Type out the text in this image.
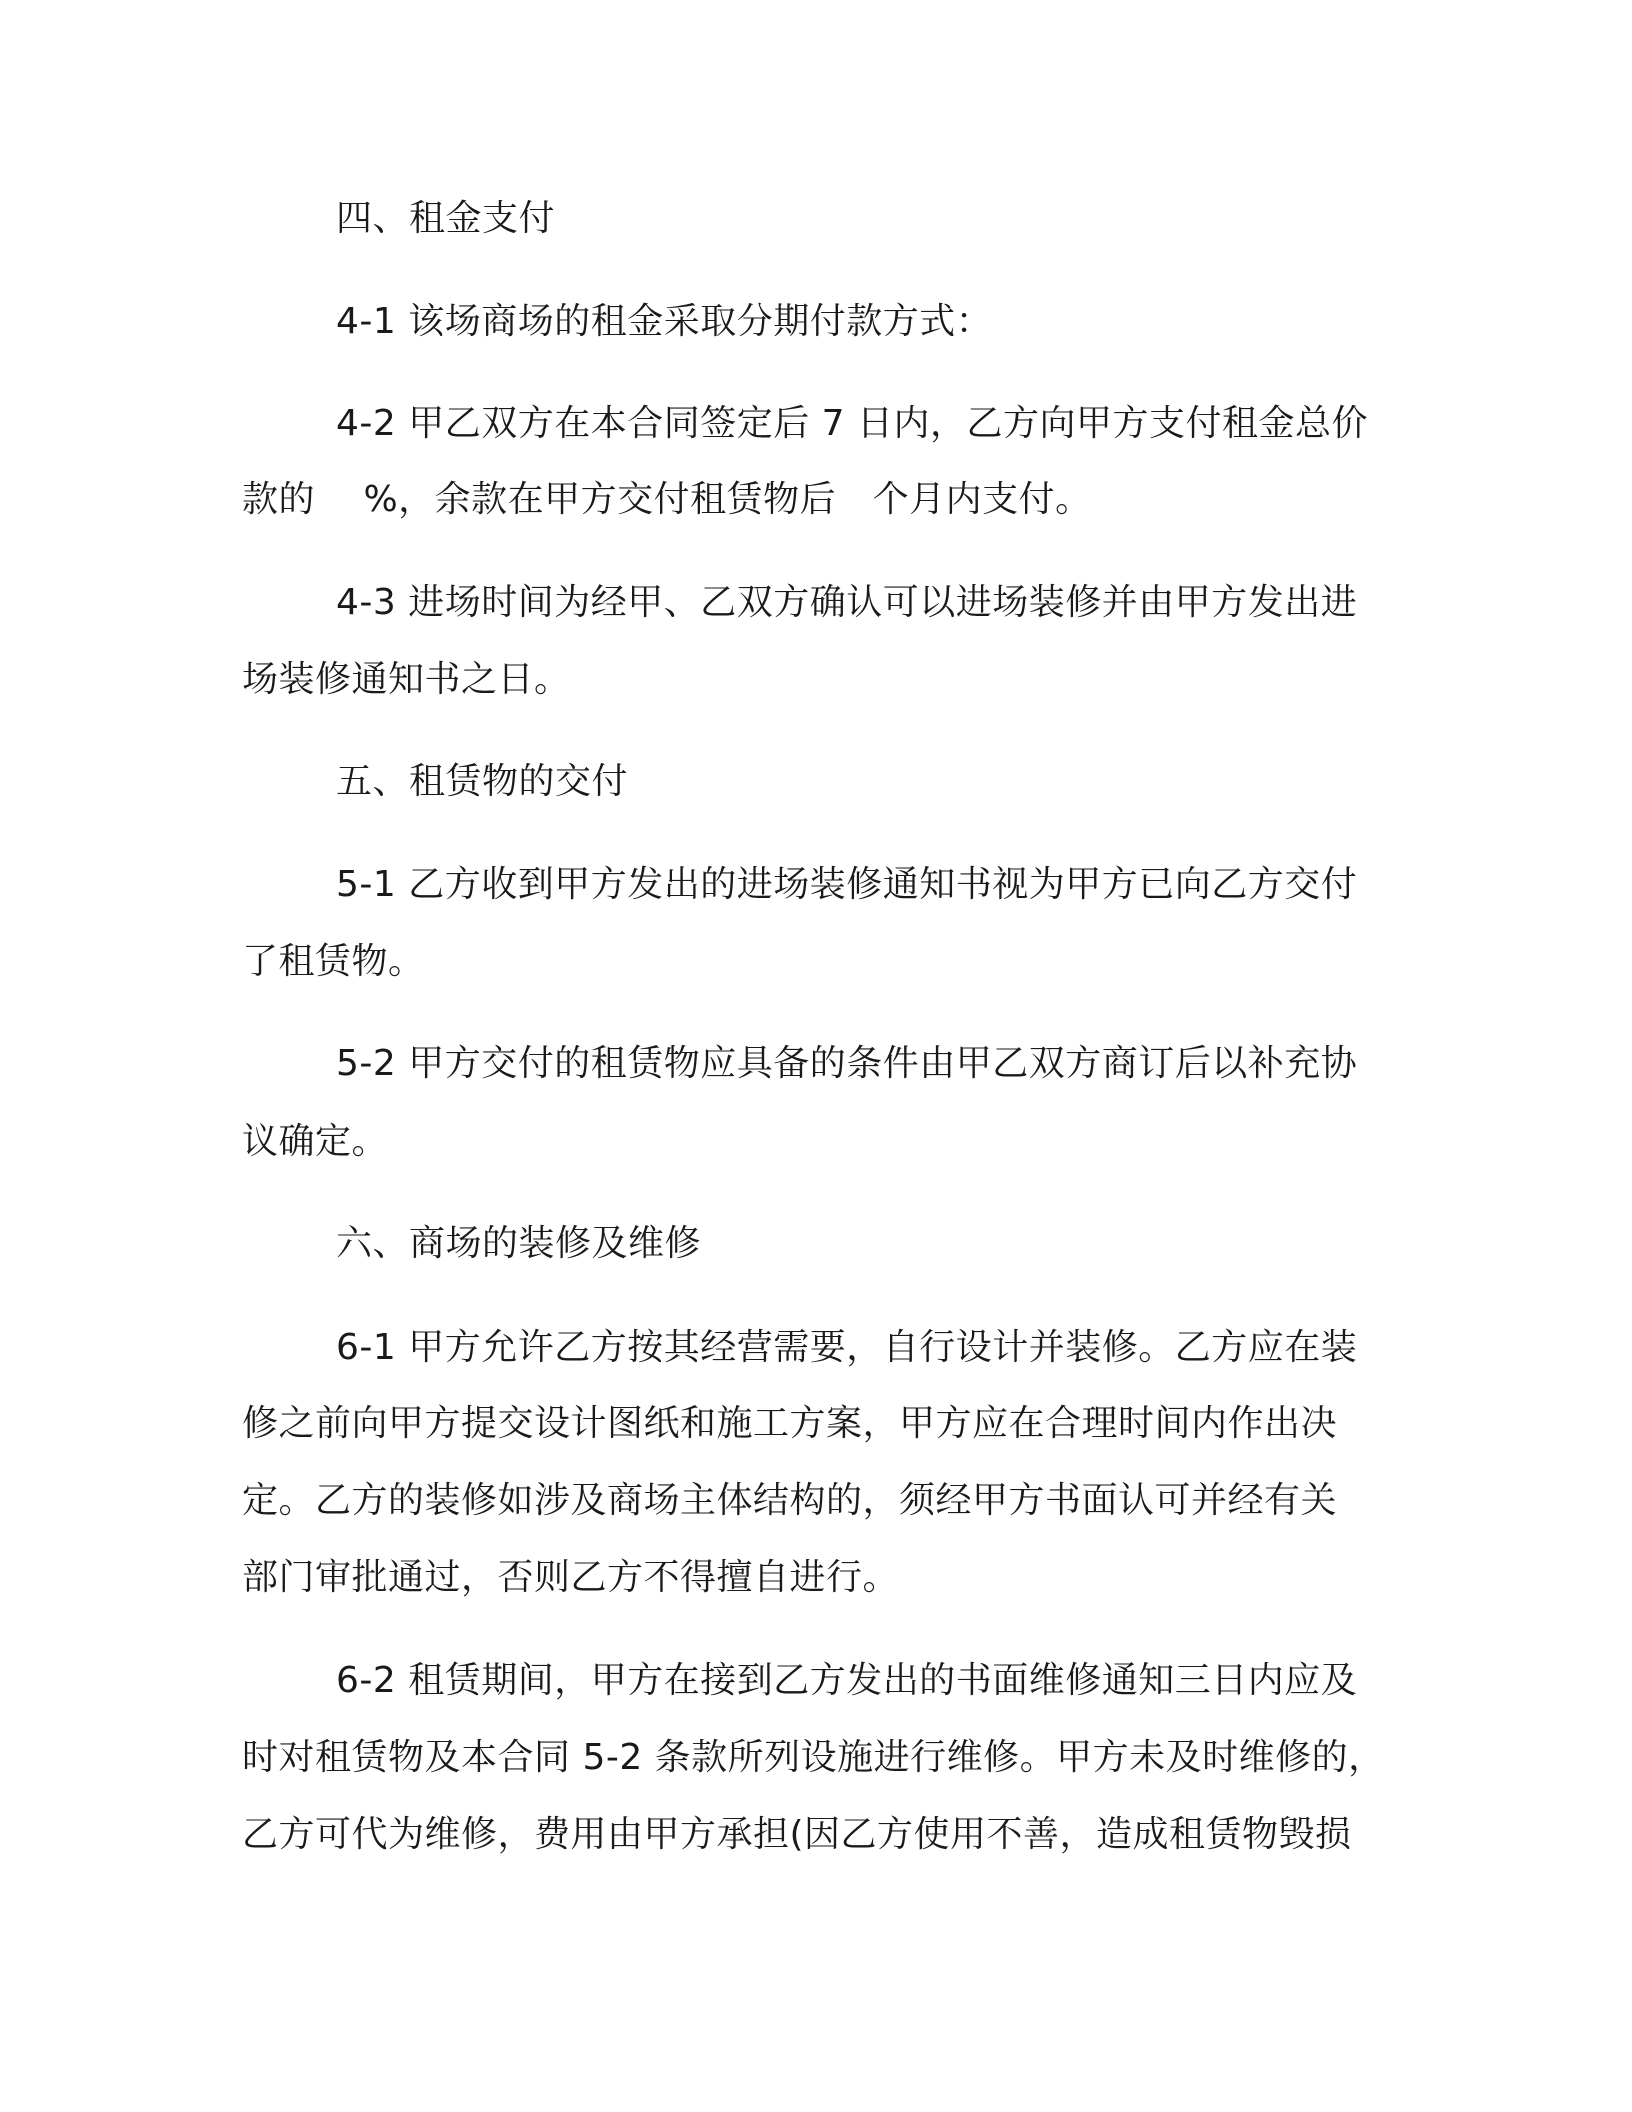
四、租金支付
4-1 该场商场的租金采取分期付款方式：
4-2 甲乙双方在本合同签定后 7 日内，乙方向甲方支付租金总价
款的　 %，余款在甲方交付租赁物后　个月内支付。
4-3 进场时间为经甲、乙双方确认可以进场装修并由甲方发出进
场装修通知书之日。
五、租赁物的交付
5-1 乙方收到甲方发出的进场装修通知书视为甲方已向乙方交付
了租赁物。
5-2 甲方交付的租赁物应具备的条件由甲乙双方商订后以补充协
议确定。
六、商场的装修及维修
6-1 甲方允许乙方按其经营需要，自行设计并装修。乙方应在装
修之前向甲方提交设计图纸和施工方案，甲方应在合理时间内作出决
定。乙方的装修如涉及商场主体结构的，须经甲方书面认可并经有关
部门审批通过，否则乙方不得擅自进行。
6-2 租赁期间，甲方在接到乙方发出的书面维修通知三日内应及
时对租赁物及本合同 5-2 条款所列设施进行维修。甲方未及时维修的，
乙方可代为维修，费用由甲方承担(因乙方使用不善，造成租赁物毁损
